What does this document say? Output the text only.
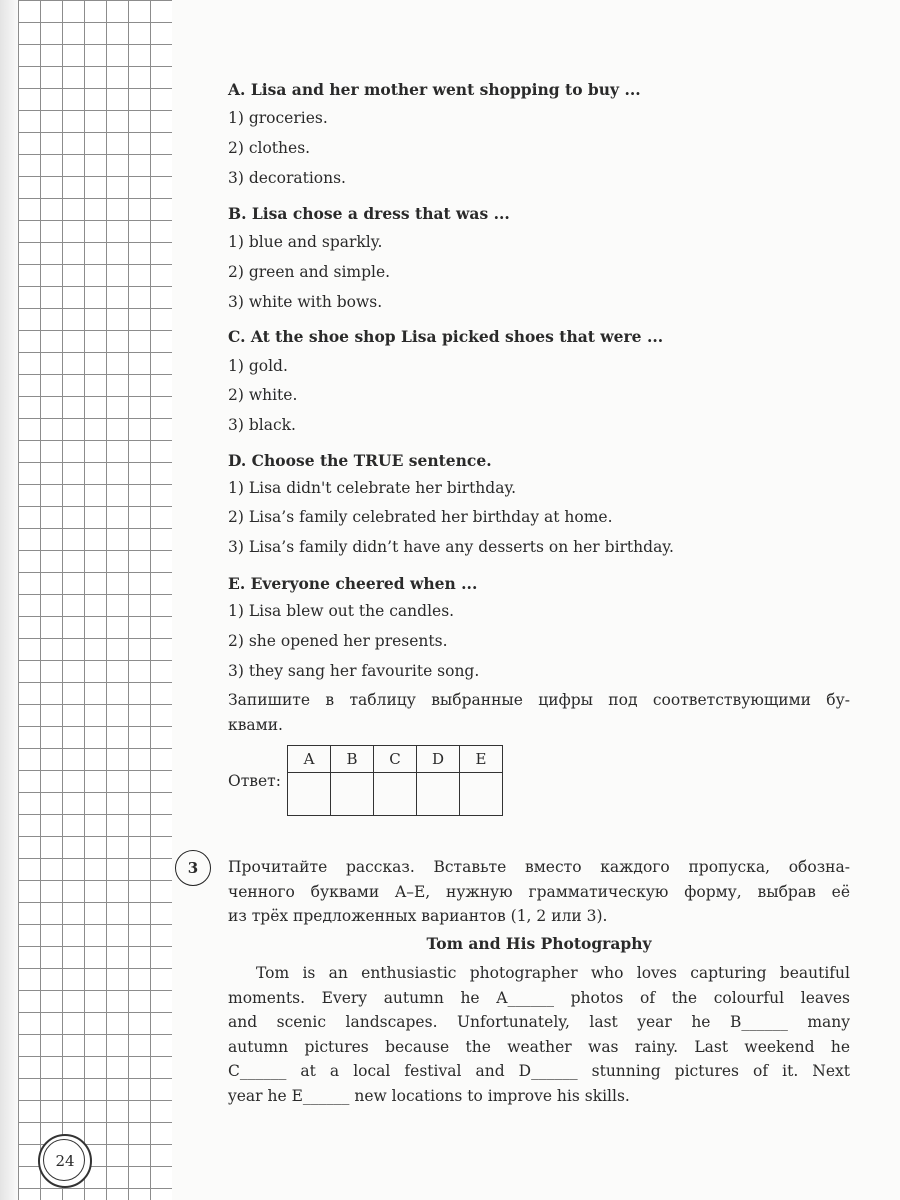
A. Lisa and her mother went shopping to buy ...
1) groceries.
2) clothes.
3) decorations.
B. Lisa chose a dress that was ...
1) blue and sparkly.
2) green and simple.
3) white with bows.
C. At the shoe shop Lisa picked shoes that were ...
1) gold.
2) white.
3) black.
D. Choose the TRUE sentence.
1) Lisa didn't celebrate her birthday.
2) Lisa’s family celebrated her birthday at home.
3) Lisa’s family didn’t have any desserts on her birthday.
E. Everyone cheered when ...
1) Lisa blew out the candles.
2) she opened her presents.
3) they sang her favourite song.
Запишите в таблицу выбранные цифры под соответствующими бу-
квами.
Ответ:
A	B	C	D	E

3	Прочитайте рассказ. Вставьте вместо каждого пропуска, обозна-
ченного буквами A–E, нужную грамматическую форму, выбрав её
из трёх предложенных вариантов (1, 2 или 3).
Tom and His Photography
Tom is an enthusiastic photographer who loves capturing beautiful
moments. Every autumn he A______ photos of the colourful leaves
and scenic landscapes. Unfortunately, last year he B______ many
autumn pictures because the weather was rainy. Last weekend he
C______ at a local festival and D______ stunning pictures of it. Next
year he E______ new locations to improve his skills.
24
